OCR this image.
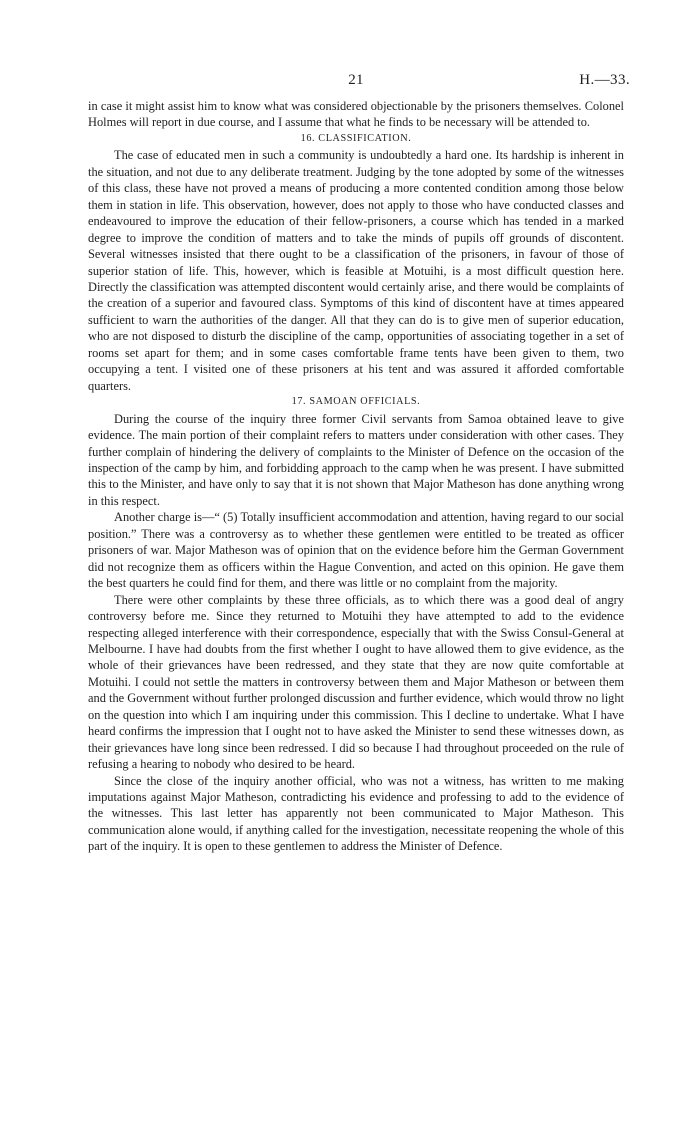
21	H.—33.

in case it might assist him to know what was considered objectionable by the prisoners themselves. Colonel Holmes will report in due course, and I assume that what he finds to be necessary will be attended to.

16. CLASSIFICATION.

The case of educated men in such a community is undoubtedly a hard one. Its hardship is inherent in the situation, and not due to any deliberate treatment. Judging by the tone adopted by some of the witnesses of this class, these have not proved a means of producing a more contented condition among those below them in station in life. This observation, however, does not apply to those who have conducted classes and endeavoured to improve the education of their fellow-prisoners, a course which has tended in a marked degree to improve the condition of matters and to take the minds of pupils off grounds of discontent. Several witnesses insisted that there ought to be a classification of the prisoners, in favour of those of superior station of life. This, however, which is feasible at Motuihi, is a most difficult question here. Directly the classification was attempted discontent would certainly arise, and there would be complaints of the creation of a superior and favoured class. Symptoms of this kind of discontent have at times appeared sufficient to warn the authorities of the danger. All that they can do is to give men of superior education, who are not disposed to disturb the discipline of the camp, opportunities of associating together in a set of rooms set apart for them; and in some cases comfortable frame tents have been given to them, two occupying a tent. I visited one of these prisoners at his tent and was assured it afforded comfortable quarters.

17. SAMOAN OFFICIALS.

During the course of the inquiry three former Civil servants from Samoa obtained leave to give evidence. The main portion of their complaint refers to matters under consideration with other cases. They further complain of hindering the delivery of complaints to the Minister of Defence on the occasion of the inspection of the camp by him, and forbidding approach to the camp when he was present. I have submitted this to the Minister, and have only to say that it is not shown that Major Matheson has done anything wrong in this respect.

Another charge is—“ (5) Totally insufficient accommodation and attention, having regard to our social position.” There was a controversy as to whether these gentlemen were entitled to be treated as officer prisoners of war. Major Matheson was of opinion that on the evidence before him the German Government did not recognize them as officers within the Hague Convention, and acted on this opinion. He gave them the best quarters he could find for them, and there was little or no complaint from the majority.

There were other complaints by these three officials, as to which there was a good deal of angry controversy before me. Since they returned to Motuihi they have attempted to add to the evidence respecting alleged interference with their correspondence, especially that with the Swiss Consul-General at Melbourne. I have had doubts from the first whether I ought to have allowed them to give evidence, as the whole of their grievances have been redressed, and they state that they are now quite comfortable at Motuihi. I could not settle the matters in controversy between them and Major Matheson or between them and the Government without further prolonged discussion and further evidence, which would throw no light on the question into which I am inquiring under this commission. This I decline to undertake. What I have heard confirms the impression that I ought not to have asked the Minister to send these witnesses down, as their grievances have long since been redressed. I did so because I had throughout proceeded on the rule of refusing a hearing to nobody who desired to be heard.

Since the close of the inquiry another official, who was not a witness, has written to me making imputations against Major Matheson, contradicting his evidence and professing to add to the evidence of the witnesses. This last letter has apparently not been communicated to Major Matheson. This communication alone would, if anything called for the investigation, necessitate reopening the whole of this part of the inquiry. It is open to these gentlemen to address the Minister of Defence.
